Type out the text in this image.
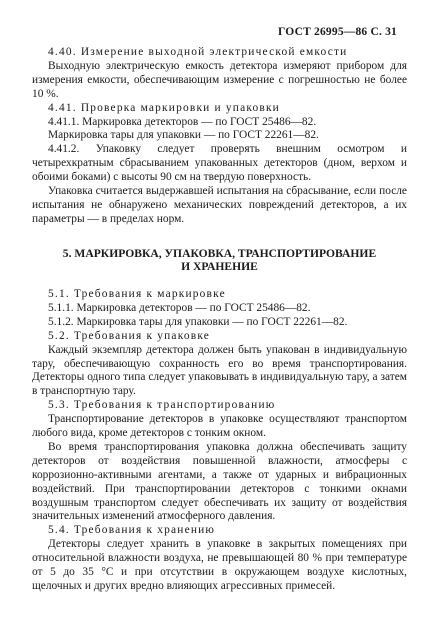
ГОСТ 26995—86 С. 31

4.40. Измерение выходной электрической емкости

Выходную электрическую емкость детектора измеряют прибором для измерения емкости, обеспечивающим измерение с погрешностью не более 10 %.

4.41. Проверка маркировки и упаковки

4.41.1. Маркировка детекторов — по ГОСТ 25486—82.

Маркировка тары для упаковки — по ГОСТ 22261—82.

4.41.2. Упаковку следует проверять внешним осмотром и четырехкратным сбрасыванием упакованных детекторов (дном, верхом и обоими боками) с высоты 90 см на твердую поверхность.

Упаковка считается выдержавшей испытания на сбрасывание, если после испытания не обнаружено механических повреждений детекторов, а их параметры — в пределах норм.

5. МАРКИРОВКА, УПАКОВКА, ТРАНСПОРТИРОВАНИЕ
И ХРАНЕНИЕ

5.1. Требования к маркировке

5.1.1. Маркировка детекторов — по ГОСТ 25486—82.

5.1.2. Маркировка тары для упаковки — по ГОСТ 22261—82.

5.2. Требования к упаковке

Каждый экземпляр детектора должен быть упакован в индивидуальную тару, обеспечивающую сохранность его во время транспортирования. Детекторы одного типа следует упаковывать в индивидуальную тару, а затем в транспортную тару.

5.3. Требования к транспортированию

Транспортирование детекторов в упаковке осуществляют транспортом любого вида, кроме детекторов с тонким окном.

Во время транспортирования упаковка должна обеспечивать защиту детекторов от воздействия повышенной влажности, атмосферы с коррозионно-активными агентами, а также от ударных и вибрационных воздействий. При транспортировании детекторов с тонкими окнами воздушным транспортом следует обеспечивать их защиту от воздействия значительных изменений атмосферного давления.

5.4. Требования к хранению

Детекторы следует хранить в упаковке в закрытых помещениях при относительной влажности воздуха, не превышающей 80 % при температуре от 5 до 35 °С и при отсутствии в окружающем воздухе кислотных, щелочных и других вредно влияющих агрессивных примесей.
